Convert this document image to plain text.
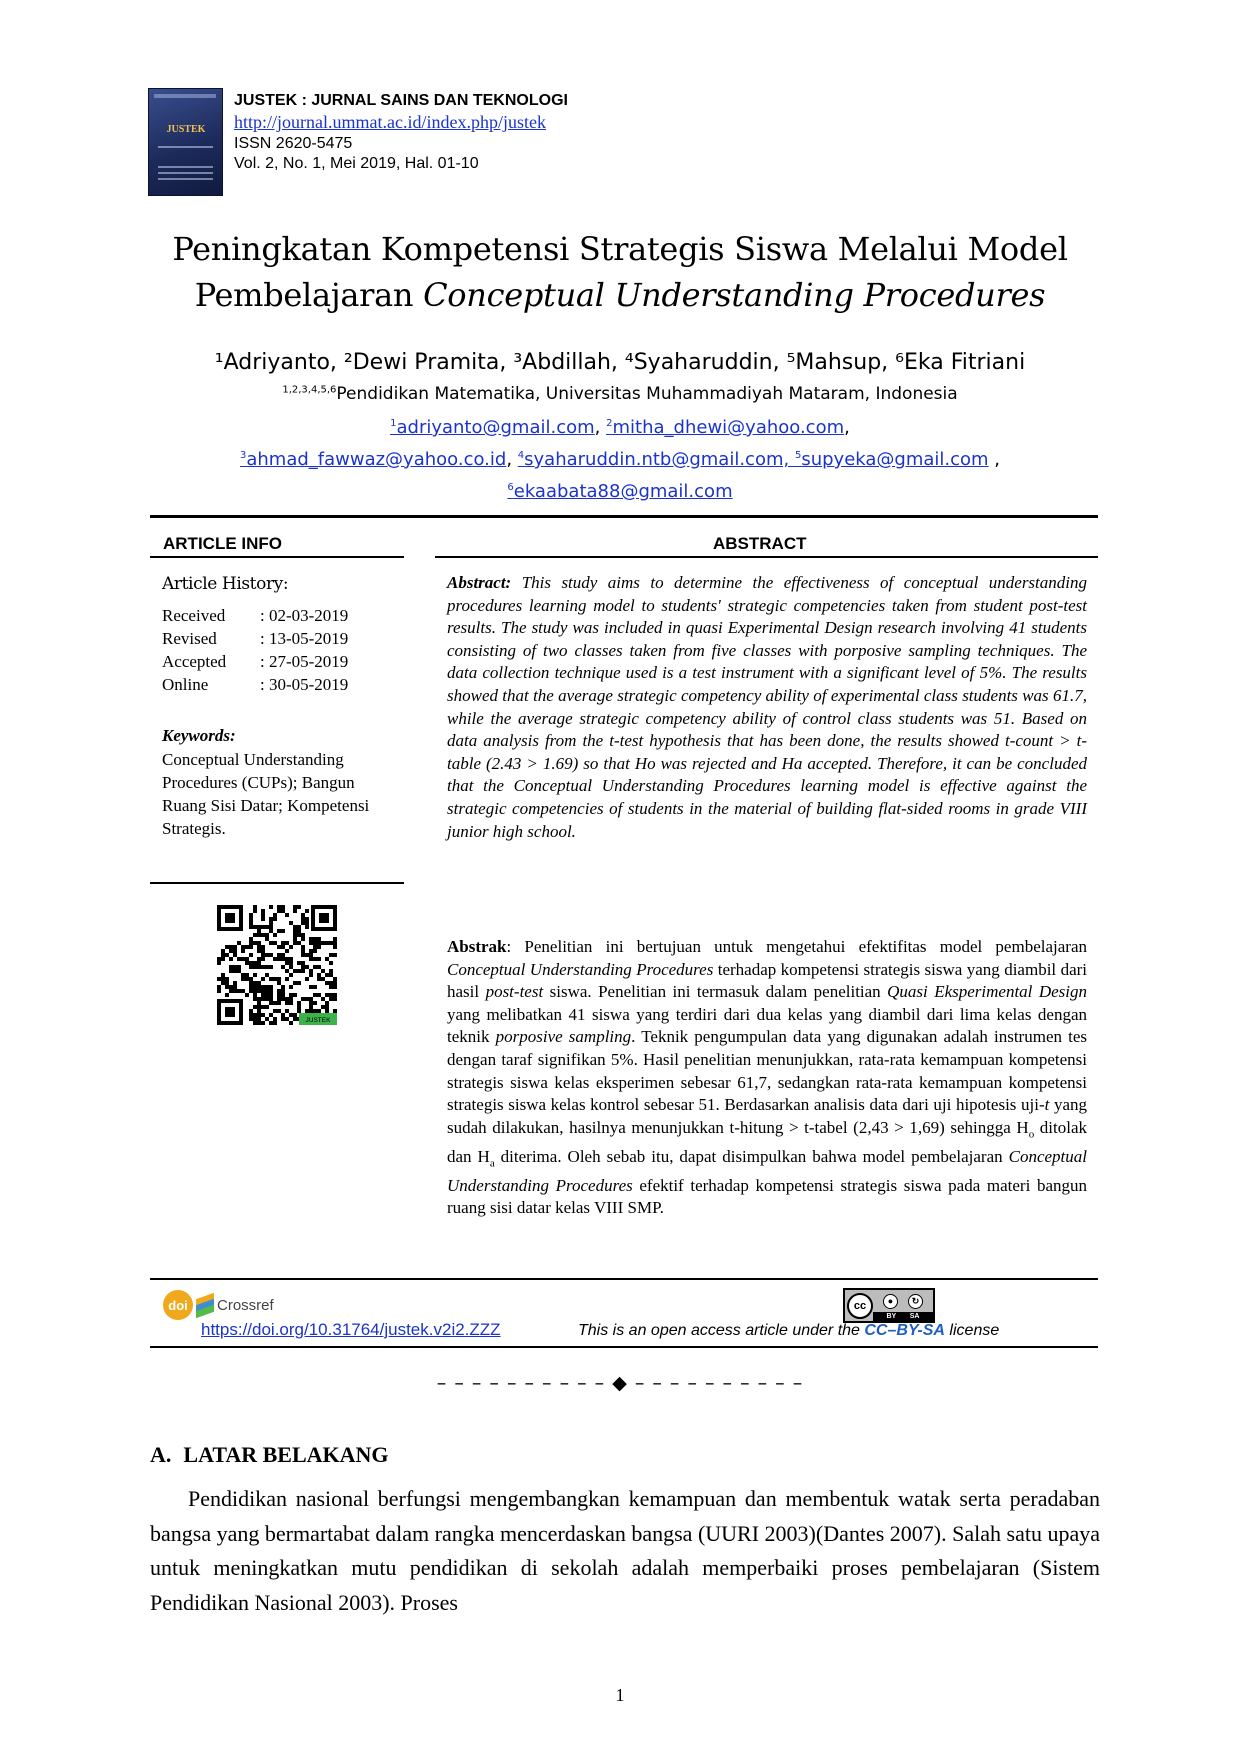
JUSTEK
JUSTEK : JURNAL SAINS DAN TEKNOLOGI
http://journal.ummat.ac.id/index.php/justek
ISSN 2620-5475
Vol. 2, No. 1, Mei 2019, Hal. 01-10
Peningkatan Kompetensi Strategis Siswa Melalui Model
Pembelajaran Conceptual Understanding Procedures
¹Adriyanto, ²Dewi Pramita, ³Abdillah, ⁴Syaharuddin, ⁵Mahsup, ⁶Eka Fitriani
$^{1,2,3,4,5,6}$Pendidikan Matematika, Universitas Muhammadiyah Mataram, Indonesia
$^1$adriyanto@gmail.com, $^2$mitha_dhewi@yahoo.com,
$^3$ahmad_fawwaz@yahoo.co.id, $^4$syaharuddin.ntb@gmail.com, $^5$supyeka@gmail.com ,
$^6$ekaabata88@gmail.com
ARTICLE INFO
Article History:
Received	: 02-03-2019
Revised	: 13-05-2019
Accepted	: 27-05-2019
Online	: 30-05-2019
Keywords:
Conceptual Understanding Procedures (CUPs); Bangun Ruang Sisi Datar; Kompetensi Strategis.
JUSTEK
ABSTRACT
Abstract: This study aims to determine the effectiveness of conceptual understanding procedures learning model to students' strategic competencies taken from student post-test results. The study was included in quasi Experimental Design research involving 41 students consisting of two classes taken from five classes with porposive sampling techniques. The data collection technique used is a test instrument with a significant level of 5%. The results showed that the average strategic competency ability of experimental class students was 61.7, while the average strategic competency ability of control class students was 51. Based on data analysis from the t-test hypothesis that has been done, the results showed t-count > t-table (2.43 > 1.69) so that Ho was rejected and Ha accepted. Therefore, it can be concluded that the Conceptual Understanding Procedures learning model is effective against the strategic competencies of students in the material of building flat-sided rooms in grade VIII junior high school.
Abstrak: Penelitian ini bertujuan untuk mengetahui efektifitas model pembelajaran Conceptual Understanding Procedures terhadap kompetensi strategis siswa yang diambil dari hasil post-test siswa. Penelitian ini termasuk dalam penelitian Quasi Eksperimental Design yang melibatkan 41 siswa yang terdiri dari dua kelas yang diambil dari lima kelas dengan teknik porposive sampling. Teknik pengumpulan data yang digunakan adalah instrumen tes dengan taraf signifikan 5%. Hasil penelitian menunjukkan, rata-rata kemampuan kompetensi strategis siswa kelas eksperimen sebesar 61,7, sedangkan rata-rata kemampuan kompetensi strategis siswa kelas kontrol sebesar 51. Berdasarkan analisis data dari uji hipotesis uji-t yang sudah dilakukan, hasilnya menunjukkan t-hitung > t-tabel (2,43 > 1,69) sehingga $H_o$ ditolak dan $H_a$ diterima. Oleh sebab itu, dapat disimpulkan bahwa model pembelajaran Conceptual Understanding Procedures efektif terhadap kompetensi strategis siswa pada materi bangun ruang sisi datar kelas VIII SMP.
doi	Crossref	cc	●	↻
BY SA
https://doi.org/10.31764/justek.v2i2.ZZZ	This is an open access article under the CC–BY-SA license
– – – – – – – – – – ◆ – – – – – – – – – –
A. LATAR BELAKANG
Pendidikan nasional berfungsi mengembangkan kemampuan dan membentuk watak serta peradaban bangsa yang bermartabat dalam rangka mencerdaskan bangsa (UURI 2003)(Dantes 2007). Salah satu upaya untuk meningkatkan mutu pendidikan di sekolah adalah memperbaiki proses pembelajaran (Sistem Pendidikan Nasional 2003). Proses
1
